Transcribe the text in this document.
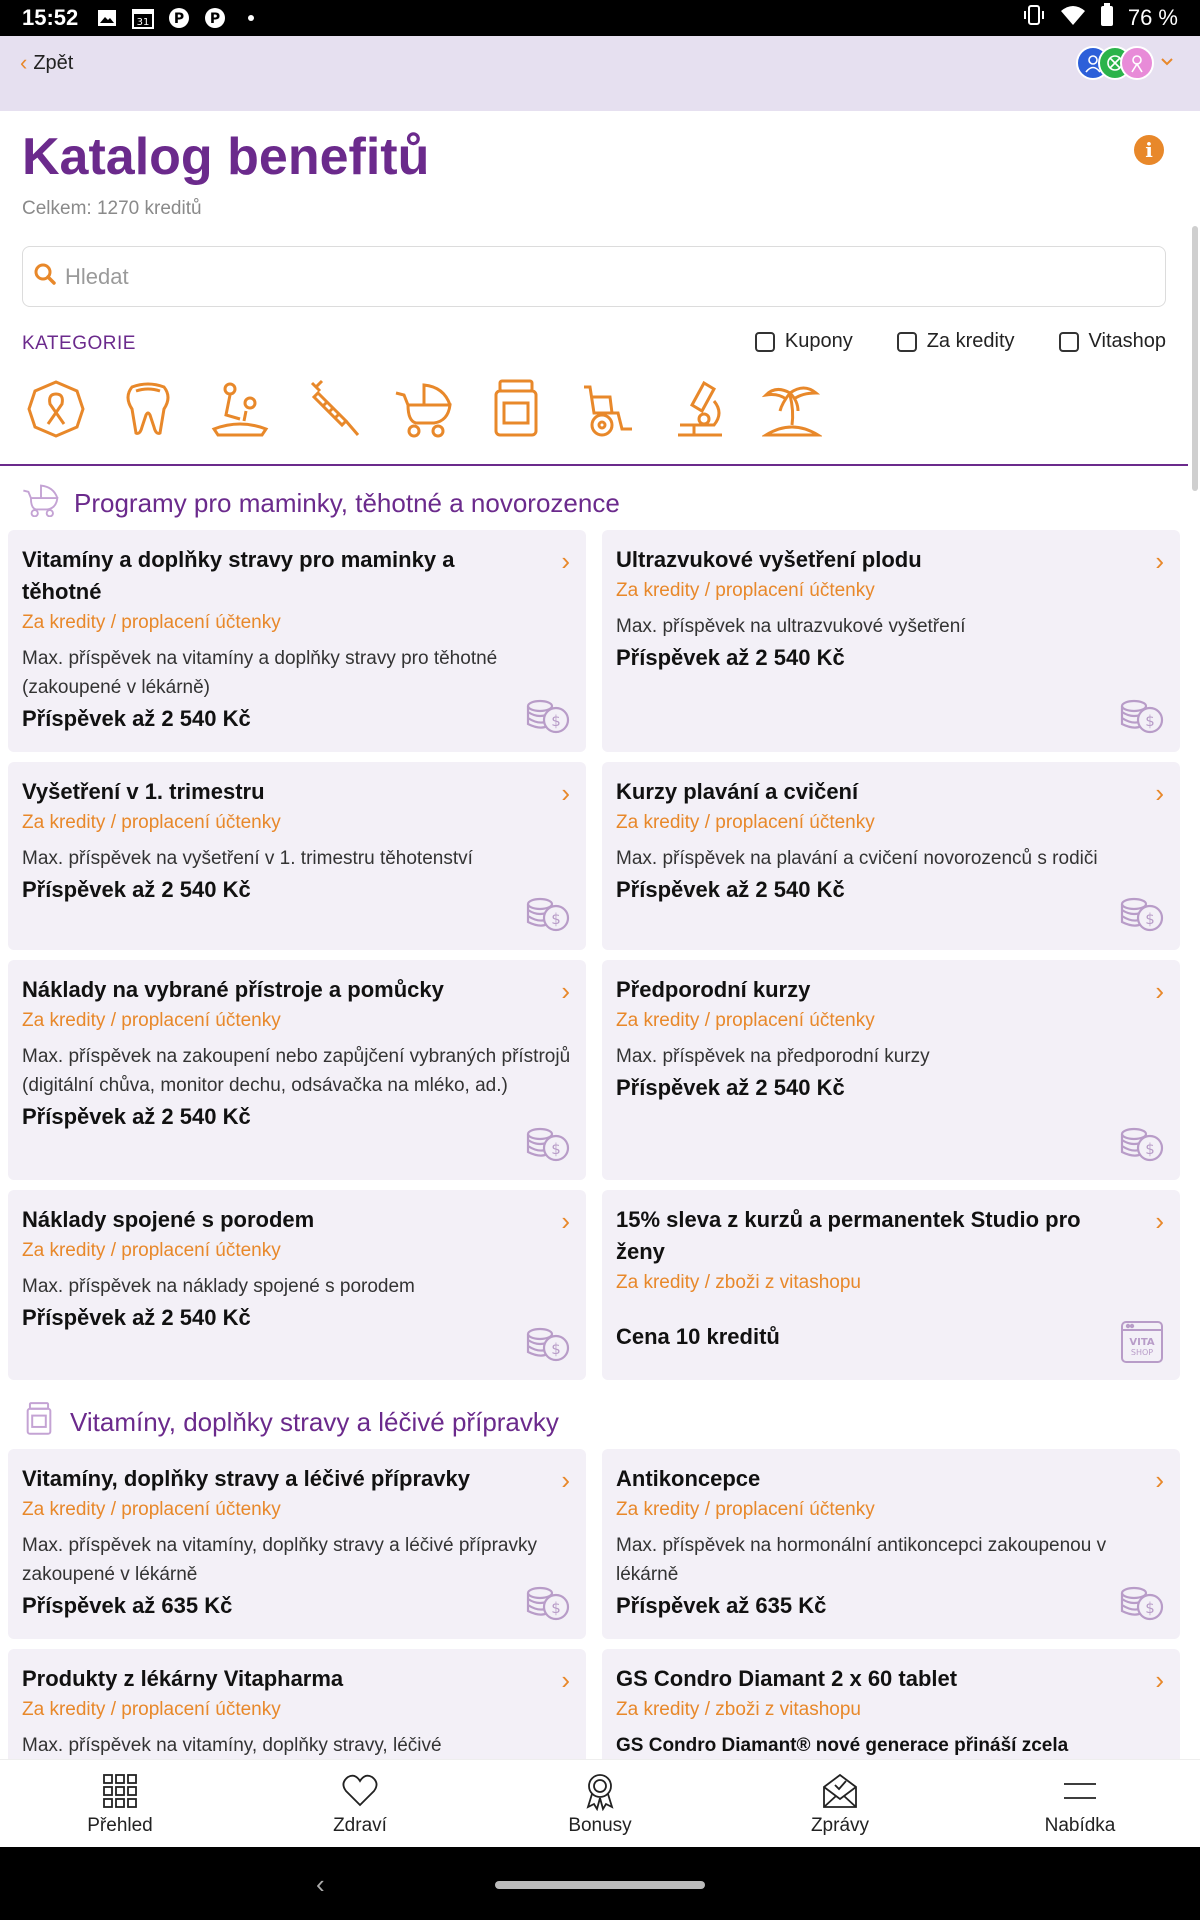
15:52	31 P P	76 %
‹ Zpět
Katalog benefitů
Celkem: 1270 kreditů
i
Hledat
KATEGORIE	Kupony	Za kredity	Vitashop
Programy pro maminky, těhotné a novorozence
›
Vitamíny a doplňky stravy pro maminky a těhotné
Za kredity / proplacení účtenky
Max. příspěvek na vitamíny a doplňky stravy pro těhotné (zakoupené v lékárně)
Příspěvek až 2 540 Kč	$
›
Ultrazvukové vyšetření plodu
Za kredity / proplacení účtenky
Max. příspěvek na ultrazvukové vyšetření
Příspěvek až 2 540 Kč
$
›
Vyšetření v 1. trimestru
Za kredity / proplacení účtenky
Max. příspěvek na vyšetření v 1. trimestru těhotenství
Příspěvek až 2 540 Kč
$
›
Kurzy plavání a cvičení
Za kredity / proplacení účtenky
Max. příspěvek na plavání a cvičení novorozenců s rodiči
Příspěvek až 2 540 Kč
$
›
Náklady na vybrané přístroje a pomůcky
Za kredity / proplacení účtenky
Max. příspěvek na zakoupení nebo zapůjčení vybraných přístrojů (digitální chůva, monitor dechu, odsávačka na mléko, ad.)
Příspěvek až 2 540 Kč
$
›
Předporodní kurzy
Za kredity / proplacení účtenky
Max. příspěvek na předporodní kurzy
Příspěvek až 2 540 Kč
$
›
Náklady spojené s porodem
Za kredity / proplacení účtenky
Max. příspěvek na náklady spojené s porodem
Příspěvek až 2 540 Kč
$
›
15% sleva z kurzů a permanentek Studio pro ženy
Za kredity / zboži z vitashopu
Cena 10 kreditů	VITA
SHOP
Vitamíny, doplňky stravy a léčivé přípravky
›
Vitamíny, doplňky stravy a léčivé přípravky
Za kredity / proplacení účtenky
Max. příspěvek na vitamíny, doplňky stravy a léčivé přípravky zakoupené v lékárně
Příspěvek až 635 Kč	$
›
Antikoncepce
Za kredity / proplacení účtenky
Max. příspěvek na hormonální antikoncepci zakoupenou v lékárně
Příspěvek až 635 Kč	$
›
Produkty z lékárny Vitapharma
Za kredity / proplacení účtenky
Max. příspěvek na vitamíny, doplňky stravy, léčivé
›
GS Condro Diamant 2 x 60 tablet
Za kredity / zboži z vitashopu
GS Condro Diamant® nové generace přináší zcela
Přehled	Zdraví	Bonusy	Zprávy	Nabídka
‹
